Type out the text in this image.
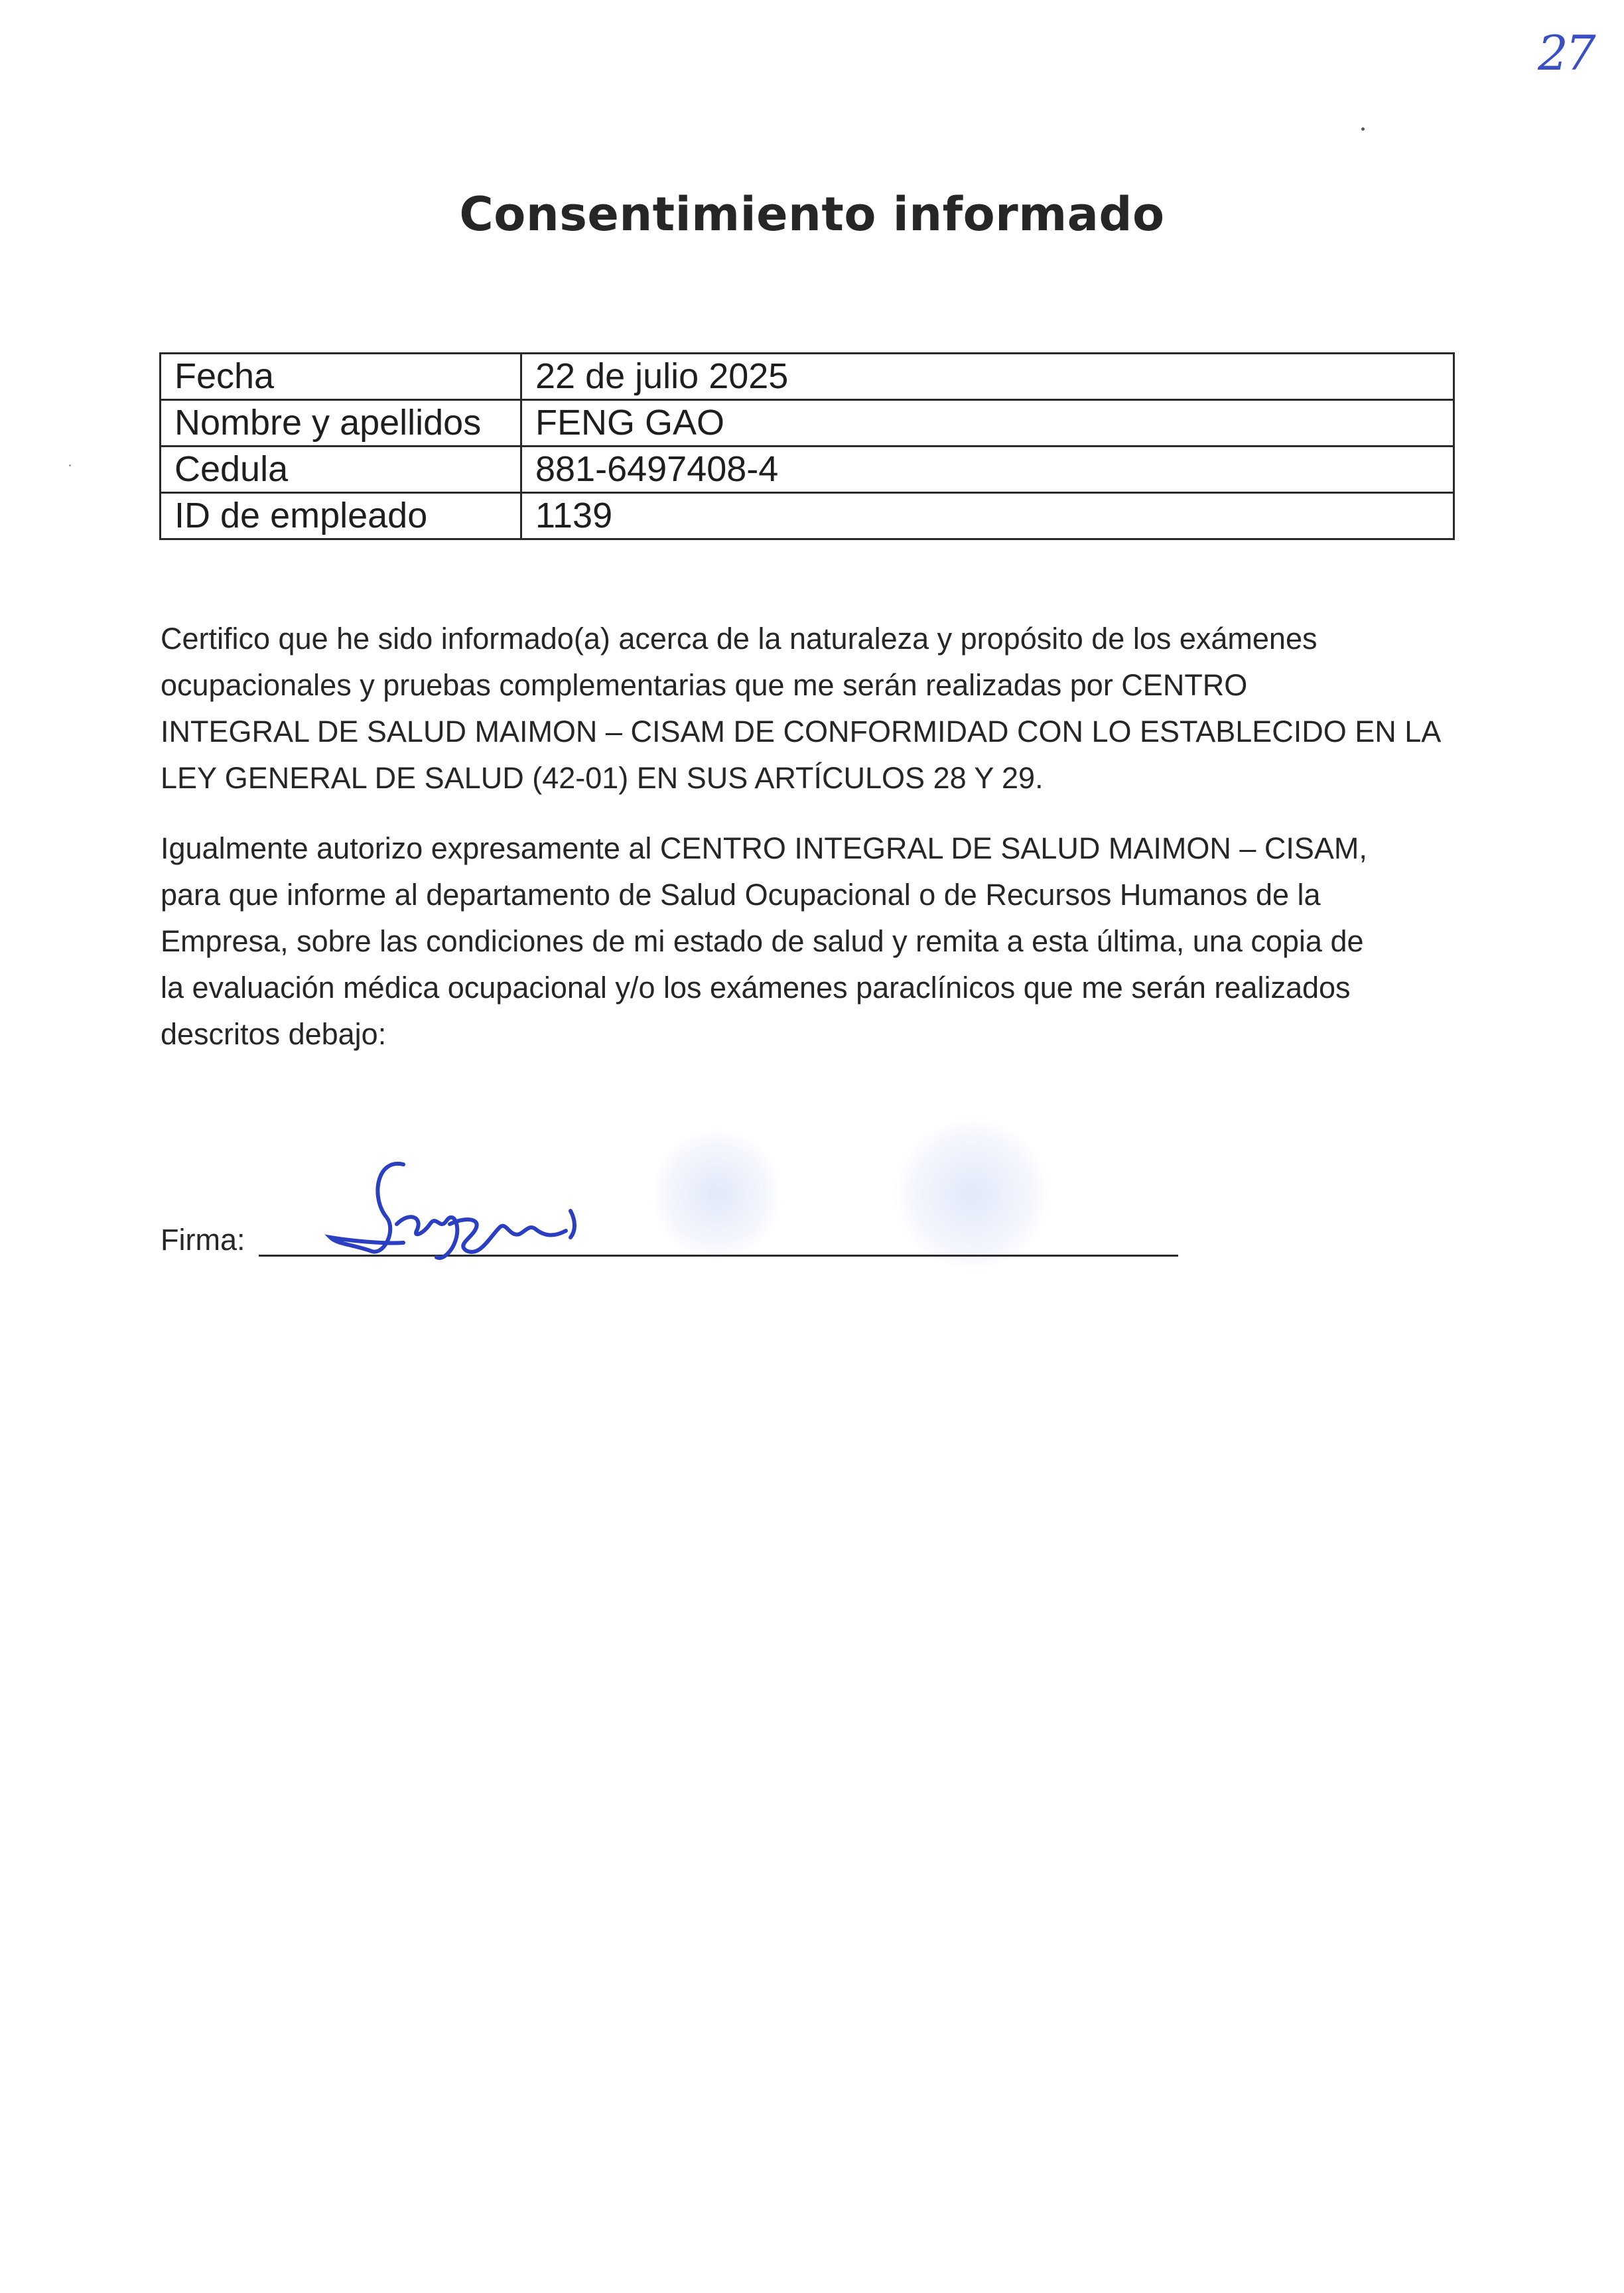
27
Consentimiento informado
Fecha	22 de julio 2025
Nombre y apellidos	FENG GAO
Cedula	881-6497408-4
ID de empleado	1139
Certifico que he sido informado(a) acerca de la naturaleza y propósito de los exámenes
ocupacionales y pruebas complementarias que me serán realizadas por CENTRO
INTEGRAL DE SALUD MAIMON – CISAM DE CONFORMIDAD CON LO ESTABLECIDO EN LA
LEY GENERAL DE SALUD (42-01) EN SUS ARTÍCULOS 28 Y 29.
Igualmente autorizo expresamente al CENTRO INTEGRAL DE SALUD MAIMON – CISAM,
para que informe al departamento de Salud Ocupacional o de Recursos Humanos de la
Empresa, sobre las condiciones de mi estado de salud y remita a esta última, una copia de
la evaluación médica ocupacional y/o los exámenes paraclínicos que me serán realizados
descritos debajo:
Firma:
